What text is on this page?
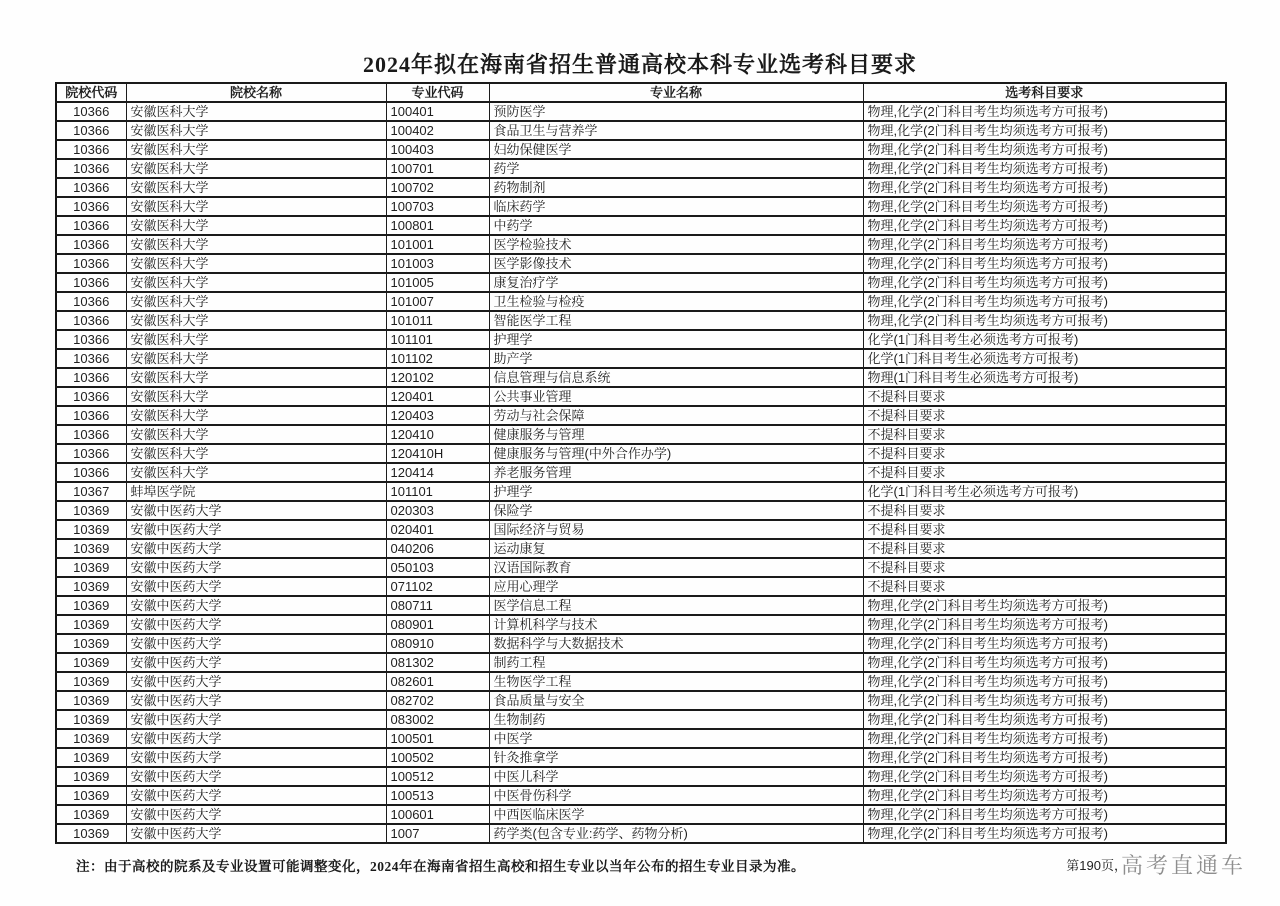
2024年拟在海南省招生普通高校本科专业选考科目要求
院校代码	院校名称	专业代码	专业名称	选考科目要求
10366	安徽医科大学	100401	预防医学	物理,化学(2门科目考生均须选考方可报考)
10366	安徽医科大学	100402	食品卫生与营养学	物理,化学(2门科目考生均须选考方可报考)
10366	安徽医科大学	100403	妇幼保健医学	物理,化学(2门科目考生均须选考方可报考)
10366	安徽医科大学	100701	药学	物理,化学(2门科目考生均须选考方可报考)
10366	安徽医科大学	100702	药物制剂	物理,化学(2门科目考生均须选考方可报考)
10366	安徽医科大学	100703	临床药学	物理,化学(2门科目考生均须选考方可报考)
10366	安徽医科大学	100801	中药学	物理,化学(2门科目考生均须选考方可报考)
10366	安徽医科大学	101001	医学检验技术	物理,化学(2门科目考生均须选考方可报考)
10366	安徽医科大学	101003	医学影像技术	物理,化学(2门科目考生均须选考方可报考)
10366	安徽医科大学	101005	康复治疗学	物理,化学(2门科目考生均须选考方可报考)
10366	安徽医科大学	101007	卫生检验与检疫	物理,化学(2门科目考生均须选考方可报考)
10366	安徽医科大学	101011	智能医学工程	物理,化学(2门科目考生均须选考方可报考)
10366	安徽医科大学	101101	护理学	化学(1门科目考生必须选考方可报考)
10366	安徽医科大学	101102	助产学	化学(1门科目考生必须选考方可报考)
10366	安徽医科大学	120102	信息管理与信息系统	物理(1门科目考生必须选考方可报考)
10366	安徽医科大学	120401	公共事业管理	不提科目要求
10366	安徽医科大学	120403	劳动与社会保障	不提科目要求
10366	安徽医科大学	120410	健康服务与管理	不提科目要求
10366	安徽医科大学	120410H	健康服务与管理(中外合作办学)	不提科目要求
10366	安徽医科大学	120414	养老服务管理	不提科目要求
10367	蚌埠医学院	101101	护理学	化学(1门科目考生必须选考方可报考)
10369	安徽中医药大学	020303	保险学	不提科目要求
10369	安徽中医药大学	020401	国际经济与贸易	不提科目要求
10369	安徽中医药大学	040206	运动康复	不提科目要求
10369	安徽中医药大学	050103	汉语国际教育	不提科目要求
10369	安徽中医药大学	071102	应用心理学	不提科目要求
10369	安徽中医药大学	080711	医学信息工程	物理,化学(2门科目考生均须选考方可报考)
10369	安徽中医药大学	080901	计算机科学与技术	物理,化学(2门科目考生均须选考方可报考)
10369	安徽中医药大学	080910	数据科学与大数据技术	物理,化学(2门科目考生均须选考方可报考)
10369	安徽中医药大学	081302	制药工程	物理,化学(2门科目考生均须选考方可报考)
10369	安徽中医药大学	082601	生物医学工程	物理,化学(2门科目考生均须选考方可报考)
10369	安徽中医药大学	082702	食品质量与安全	物理,化学(2门科目考生均须选考方可报考)
10369	安徽中医药大学	083002	生物制药	物理,化学(2门科目考生均须选考方可报考)
10369	安徽中医药大学	100501	中医学	物理,化学(2门科目考生均须选考方可报考)
10369	安徽中医药大学	100502	针灸推拿学	物理,化学(2门科目考生均须选考方可报考)
10369	安徽中医药大学	100512	中医儿科学	物理,化学(2门科目考生均须选考方可报考)
10369	安徽中医药大学	100513	中医骨伤科学	物理,化学(2门科目考生均须选考方可报考)
10369	安徽中医药大学	100601	中西医临床医学	物理,化学(2门科目考生均须选考方可报考)
10369	安徽中医药大学	1007	药学类(包含专业:药学、药物分析)	物理,化学(2门科目考生均须选考方可报考)
注：由于高校的院系及专业设置可能调整变化，2024年在海南省招生高校和招生专业以当年公布的招生专业目录为准。	第190页，高考直通车
